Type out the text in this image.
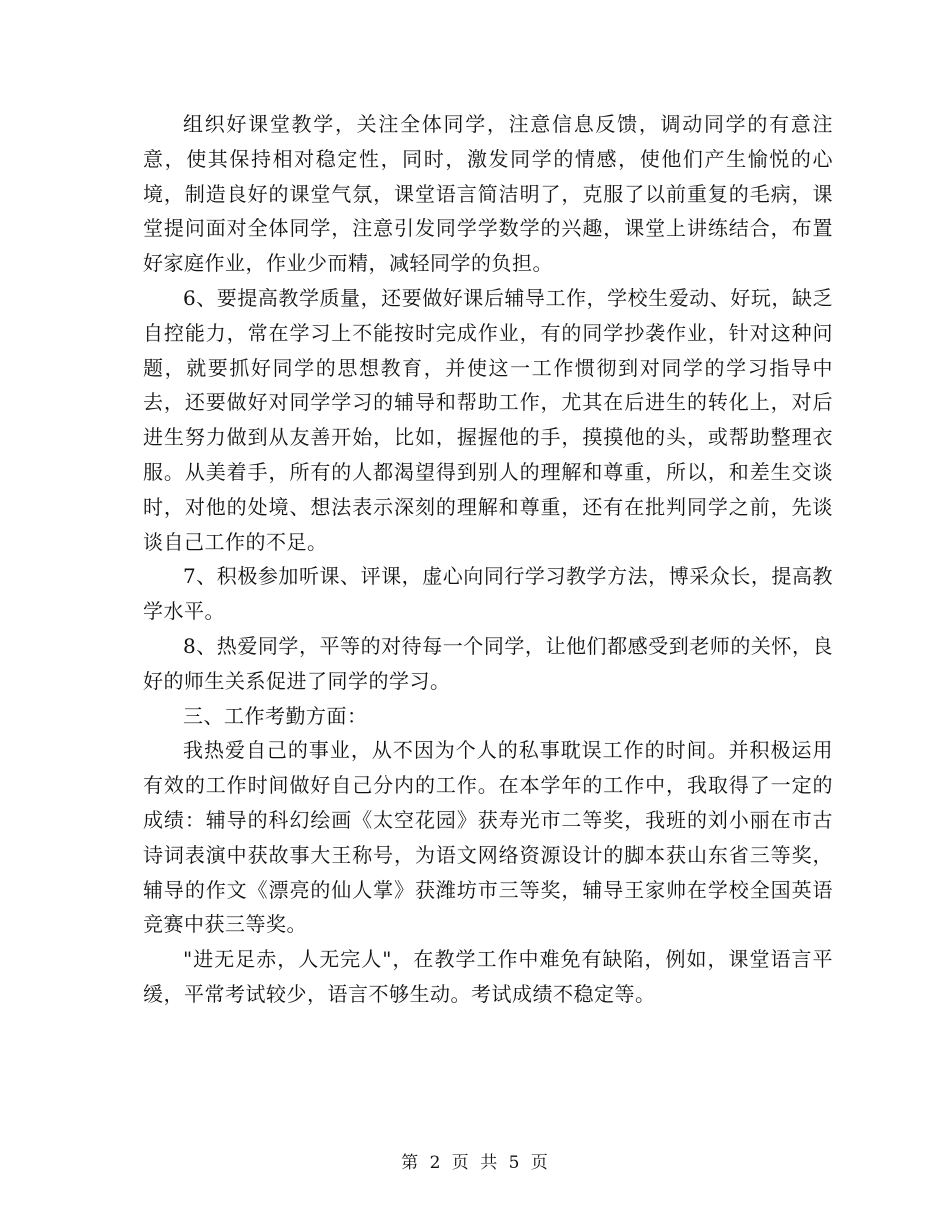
组织好课堂教学，关注全体同学，注意信息反馈，调动同学的有意注意，使其保持相对稳定性，同时，激发同学的情感，使他们产生愉悦的心境，制造良好的课堂气氛，课堂语言简洁明了，克服了以前重复的毛病，课堂提问面对全体同学，注意引发同学学数学的兴趣，课堂上讲练结合，布置好家庭作业，作业少而精，减轻同学的负担。

6、要提高教学质量，还要做好课后辅导工作，学校生爱动、好玩，缺乏自控能力，常在学习上不能按时完成作业，有的同学抄袭作业，针对这种问题，就要抓好同学的思想教育，并使这一工作惯彻到对同学的学习指导中去，还要做好对同学学习的辅导和帮助工作，尤其在后进生的转化上，对后进生努力做到从友善开始，比如，握握他的手，摸摸他的头，或帮助整理衣服。从美着手，所有的人都渴望得到别人的理解和尊重，所以，和差生交谈时，对他的处境、想法表示深刻的理解和尊重，还有在批判同学之前，先谈谈自己工作的不足。

7、积极参加听课、评课，虚心向同行学习教学方法，博采众长，提高教学水平。

8、热爱同学，平等的对待每一个同学，让他们都感受到老师的关怀，良好的师生关系促进了同学的学习。

三、工作考勤方面：

我热爱自己的事业，从不因为个人的私事耽误工作的时间。并积极运用有效的工作时间做好自己分内的工作。在本学年的工作中，我取得了一定的成绩：辅导的科幻绘画《太空花园》获寿光市二等奖，我班的刘小丽在市古诗词表演中获故事大王称号，为语文网络资源设计的脚本获山东省三等奖，辅导的作文《漂亮的仙人掌》获潍坊市三等奖，辅导王家帅在学校全国英语竞赛中获三等奖。

"进无足赤，人无完人"，在教学工作中难免有缺陷，例如，课堂语言平缓，平常考试较少，语言不够生动。考试成绩不稳定等。

第 2 页 共 5 页
